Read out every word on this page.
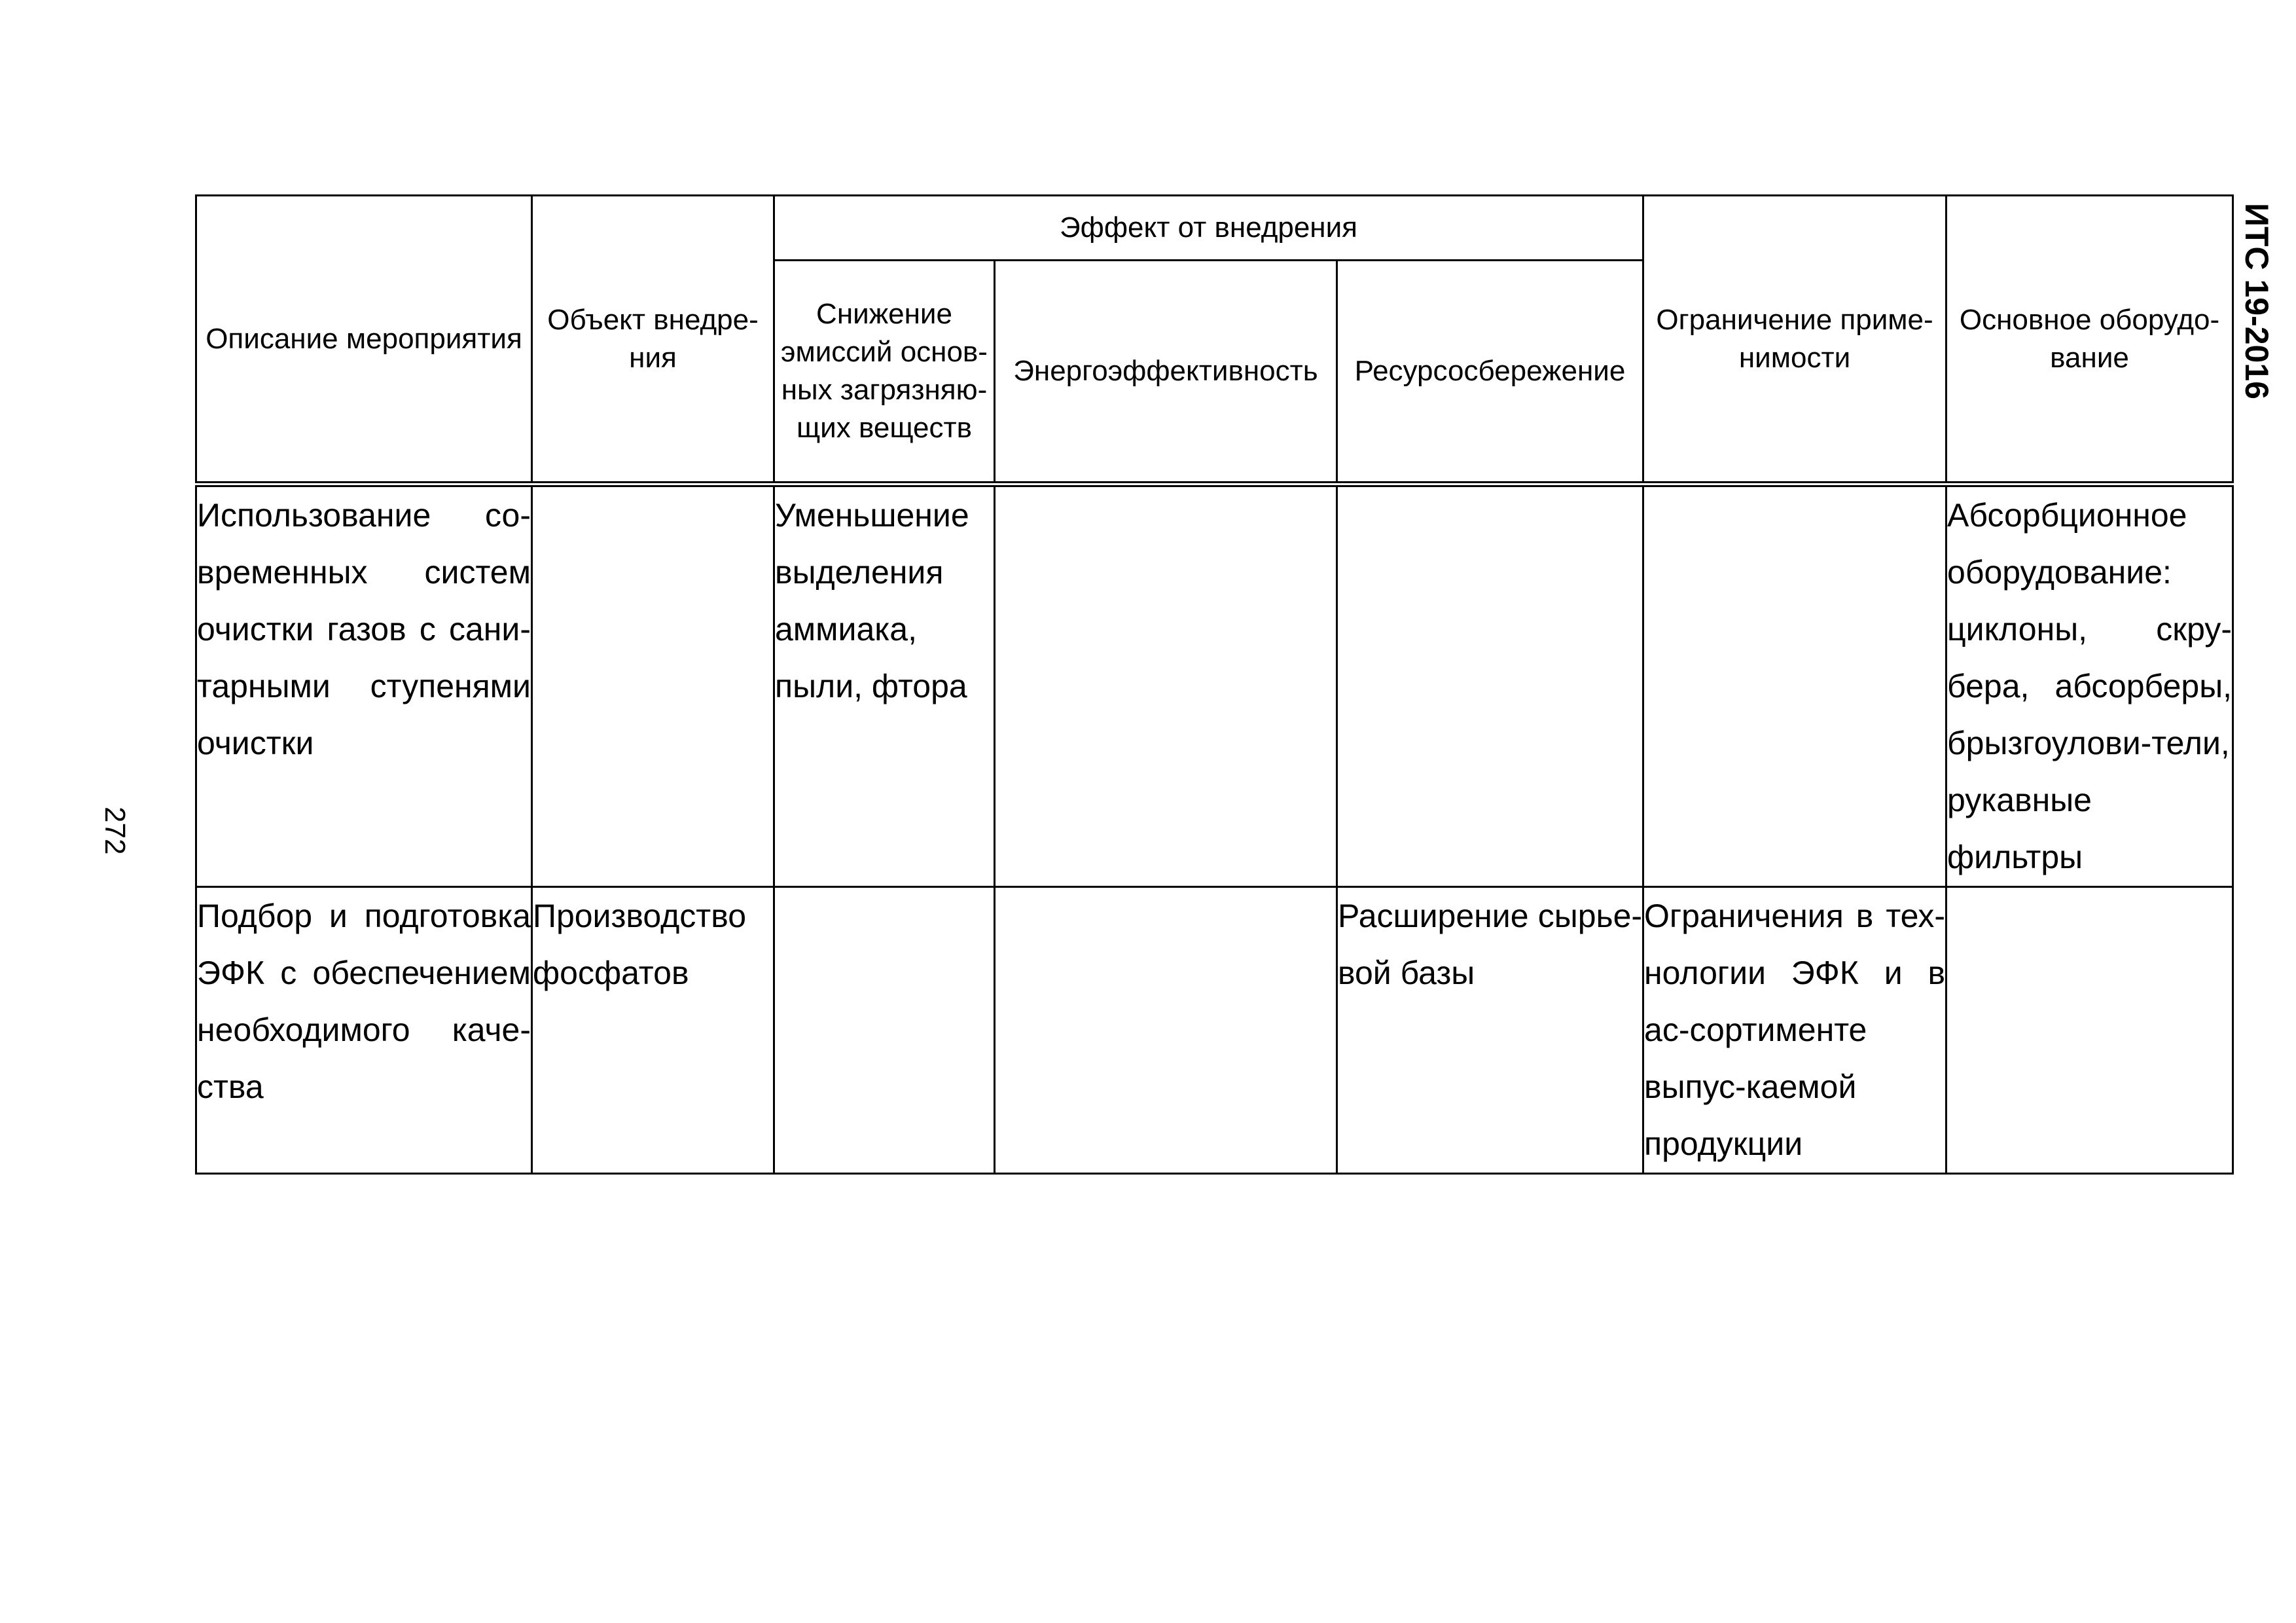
ИТС 19-2016
272
Описание мероприятия	Объект внедре-ния	Эффект от внедрения			Ограничение приме-нимости	Основное оборудо-вание
		Снижение эмиссий основ-ных загрязняю-щих веществ	Энергоэффективность	Ресурсосбережение		
Использование со-временных систем очистки газов с сани-тарными ступенями очистки		Уменьшение выделения аммиака, пыли, фтора				Абсорбционное оборудование: циклоны, скру-бера, абсорберы, брызгоулови-тели, рукавные фильтры
Подбор и подготовка ЭФК с обеспечением необходимого каче-ства	Производство фосфатов			Расширение сырье-вой базы	Ограничения в тех-нологии ЭФК и в ас-сортименте выпус-каемой продукции	
